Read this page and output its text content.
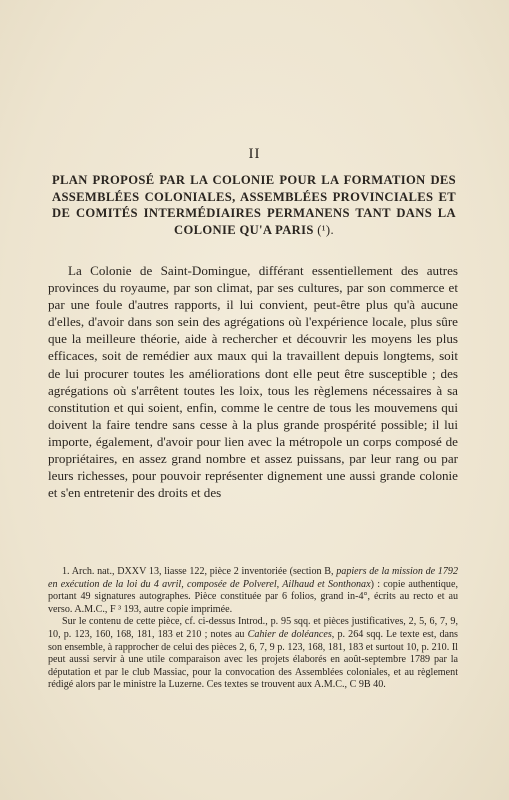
II
PLAN PROPOSÉ PAR LA COLONIE POUR LA FORMATION DES ASSEMBLÉES COLONIALES, ASSEMBLÉES PROVINCIALES ET DE COMITÉS INTERMÉDIAIRES PERMANENS TANT DANS LA COLONIE QU'A PARIS (¹).

La Colonie de Saint-Domingue, différant essentiellement des autres provinces du royaume, par son climat, par ses cultures, par son commerce et par une foule d'autres rapports, il lui convient, peut-être plus qu'à aucune d'elles, d'avoir dans son sein des agrégations où l'expérience locale, plus sûre que la meilleure théorie, aide à rechercher et découvrir les moyens les plus efficaces, soit de remédier aux maux qui la travaillent depuis longtems, soit de lui procurer toutes les améliorations dont elle peut être susceptible ; des agrégations où s'arrêtent toutes les loix, tous les règlemens nécessaires à sa constitution et qui soient, enfin, comme le centre de tous les mouvemens qui doivent la faire tendre sans cesse à la plus grande prospérité possible; il lui importe, également, d'avoir pour lien avec la métropole un corps composé de propriétaires, en assez grand nombre et assez puissans, par leur rang ou par leurs richesses, pour pouvoir représenter dignement une aussi grande colonie et s'en entretenir des droits et des

1. Arch. nat., DXXV 13, liasse 122, pièce 2 inventoriée (section B, papiers de la mission de 1792 en exécution de la loi du 4 avril, composée de Polverel, Ailhaud et Sonthonax) : copie authentique, portant 49 signatures autographes. Pièce constituée par 6 folios, grand in-4°, écrits au recto et au verso. A.M.C., F ³ 193, autre copie imprimée.

Sur le contenu de cette pièce, cf. ci-dessus Introd., p. 95 sqq. et pièces justificatives, 2, 5, 6, 7, 9, 10, p. 123, 160, 168, 181, 183 et 210 ; notes au Cahier de doléances, p. 264 sqq. Le texte est, dans son ensemble, à rapprocher de celui des pièces 2, 6, 7, 9 p. 123, 168, 181, 183 et surtout 10, p. 210. Il peut aussi servir à une utile comparaison avec les projets élaborés en août-septembre 1789 par la députation et par le club Massiac, pour la convocation des Assemblées coloniales, et au règlement rédigé alors par le ministre la Luzerne. Ces textes se trouvent aux A.M.C., C 9B 40.
